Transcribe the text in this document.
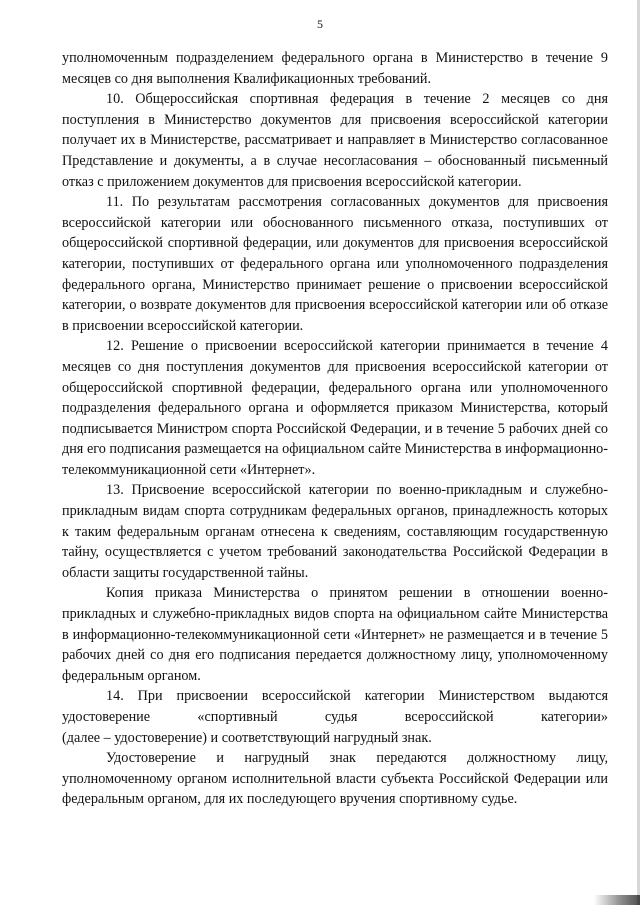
5

уполномоченным подразделением федерального органа в Министерство в течение 9 месяцев со дня выполнения Квалификационных требований.

10. Общероссийская спортивная федерация в течение 2 месяцев со дня поступления в Министерство документов для присвоения всероссийской категории получает их в Министерстве, рассматривает и направляет в Министерство согласованное Представление и документы, а в случае несогласования – обоснованный письменный отказ с приложением документов для присвоения всероссийской категории.

11. По результатам рассмотрения согласованных документов для присвоения всероссийской категории или обоснованного письменного отказа, поступивших от общероссийской спортивной федерации, или документов для присвоения всероссийской категории, поступивших от федерального органа или уполномоченного подразделения федерального органа, Министерство принимает решение о присвоении всероссийской категории, о возврате документов для присвоения всероссийской категории или об отказе в присвоении всероссийской категории.

12. Решение о присвоении всероссийской категории принимается в течение 4 месяцев со дня поступления документов для присвоения всероссийской категории от общероссийской спортивной федерации, федерального органа или уполномоченного подразделения федерального органа и оформляется приказом Министерства, который подписывается Министром спорта Российской Федерации, и в течение 5 рабочих дней со дня его подписания размещается на официальном сайте Министерства в информационно-телекоммуникационной сети «Интернет».

13. Присвоение всероссийской категории по военно-прикладным и служебно-прикладным видам спорта сотрудникам федеральных органов, принадлежность которых к таким федеральным органам отнесена к сведениям, составляющим государственную тайну, осуществляется с учетом требований законодательства Российской Федерации в области защиты государственной тайны.

Копия приказа Министерства о принятом решении в отношении военно-прикладных и служебно-прикладных видов спорта на официальном сайте Министерства в информационно-телекоммуникационной сети «Интернет» не размещается и в течение 5 рабочих дней со дня его подписания передается должностному лицу, уполномоченному федеральным органом.

14. При присвоении всероссийской категории Министерством выдаются
удостоверение «спортивный судья всероссийской категории»
(далее – удостоверение) и соответствующий нагрудный знак.

Удостоверение и нагрудный знак передаются должностному лицу, уполномоченному органом исполнительной власти субъекта Российской Федерации или федеральным органом, для их последующего вручения спортивному судье.
